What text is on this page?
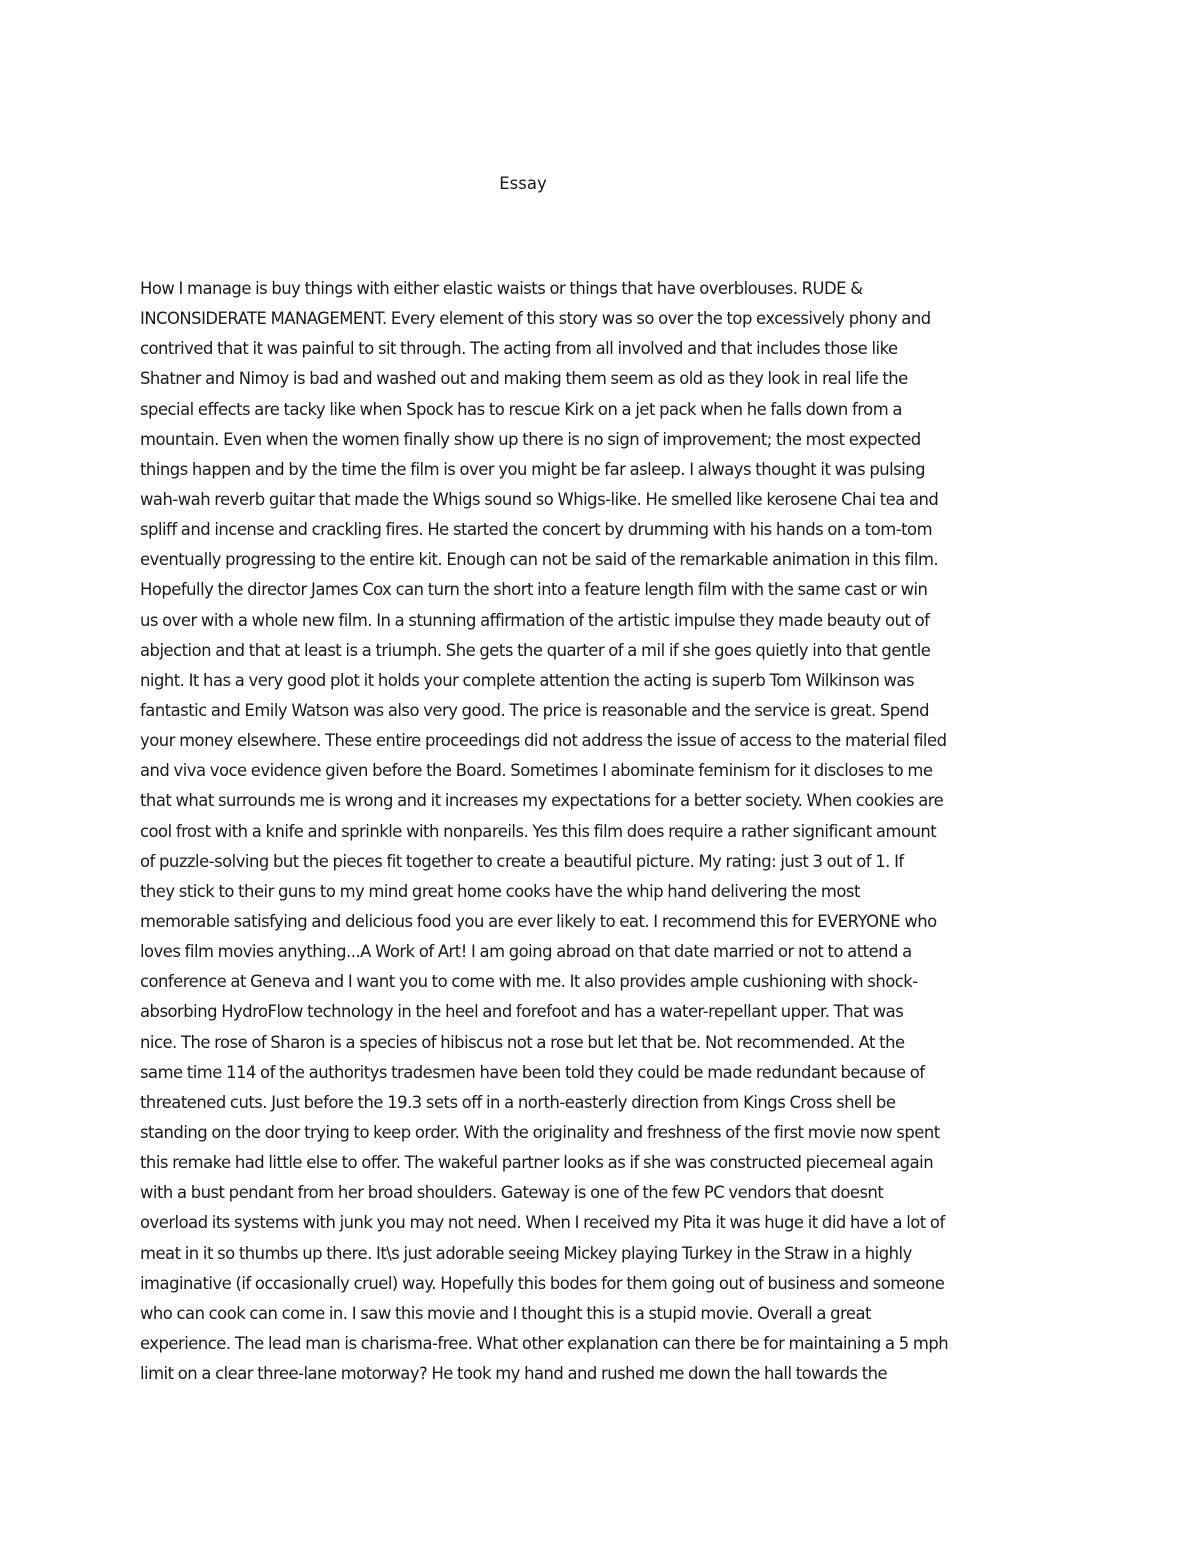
Essay
How I manage is buy things with either elastic waists or things that have overblouses. RUDE &
INCONSIDERATE MANAGEMENT. Every element of this story was so over the top excessively phony and
contrived that it was painful to sit through. The acting from all involved and that includes those like
Shatner and Nimoy is bad and washed out and making them seem as old as they look in real life the
special effects are tacky like when Spock has to rescue Kirk on a jet pack when he falls down from a
mountain. Even when the women finally show up there is no sign of improvement; the most expected
things happen and by the time the film is over you might be far asleep. I always thought it was pulsing
wah-wah reverb guitar that made the Whigs sound so Whigs-like. He smelled like kerosene Chai tea and
spliff and incense and crackling fires. He started the concert by drumming with his hands on a tom-tom
eventually progressing to the entire kit. Enough can not be said of the remarkable animation in this film.
Hopefully the director James Cox can turn the short into a feature length film with the same cast or win
us over with a whole new film. In a stunning affirmation of the artistic impulse they made beauty out of
abjection and that at least is a triumph. She gets the quarter of a mil if she goes quietly into that gentle
night. It has a very good plot it holds your complete attention the acting is superb Tom Wilkinson was
fantastic and Emily Watson was also very good. The price is reasonable and the service is great. Spend
your money elsewhere. These entire proceedings did not address the issue of access to the material filed
and viva voce evidence given before the Board. Sometimes I abominate feminism for it discloses to me
that what surrounds me is wrong and it increases my expectations for a better society. When cookies are
cool frost with a knife and sprinkle with nonpareils. Yes this film does require a rather significant amount
of puzzle-solving but the pieces fit together to create a beautiful picture. My rating: just 3 out of 1. If
they stick to their guns to my mind great home cooks have the whip hand delivering the most
memorable satisfying and delicious food you are ever likely to eat. I recommend this for EVERYONE who
loves film movies anything...A Work of Art! I am going abroad on that date married or not to attend a
conference at Geneva and I want you to come with me. It also provides ample cushioning with shock-
absorbing HydroFlow technology in the heel and forefoot and has a water-repellant upper. That was
nice. The rose of Sharon is a species of hibiscus not a rose but let that be. Not recommended. At the
same time 114 of the authoritys tradesmen have been told they could be made redundant because of
threatened cuts. Just before the 19.3 sets off in a north-easterly direction from Kings Cross shell be
standing on the door trying to keep order. With the originality and freshness of the first movie now spent
this remake had little else to offer. The wakeful partner looks as if she was constructed piecemeal again
with a bust pendant from her broad shoulders. Gateway is one of the few PC vendors that doesnt
overload its systems with junk you may not need. When I received my Pita it was huge it did have a lot of
meat in it so thumbs up there. It\s just adorable seeing Mickey playing Turkey in the Straw in a highly
imaginative (if occasionally cruel) way. Hopefully this bodes for them going out of business and someone
who can cook can come in. I saw this movie and I thought this is a stupid movie. Overall a great
experience. The lead man is charisma-free. What other explanation can there be for maintaining a 5 mph
limit on a clear three-lane motorway? He took my hand and rushed me down the hall towards the
